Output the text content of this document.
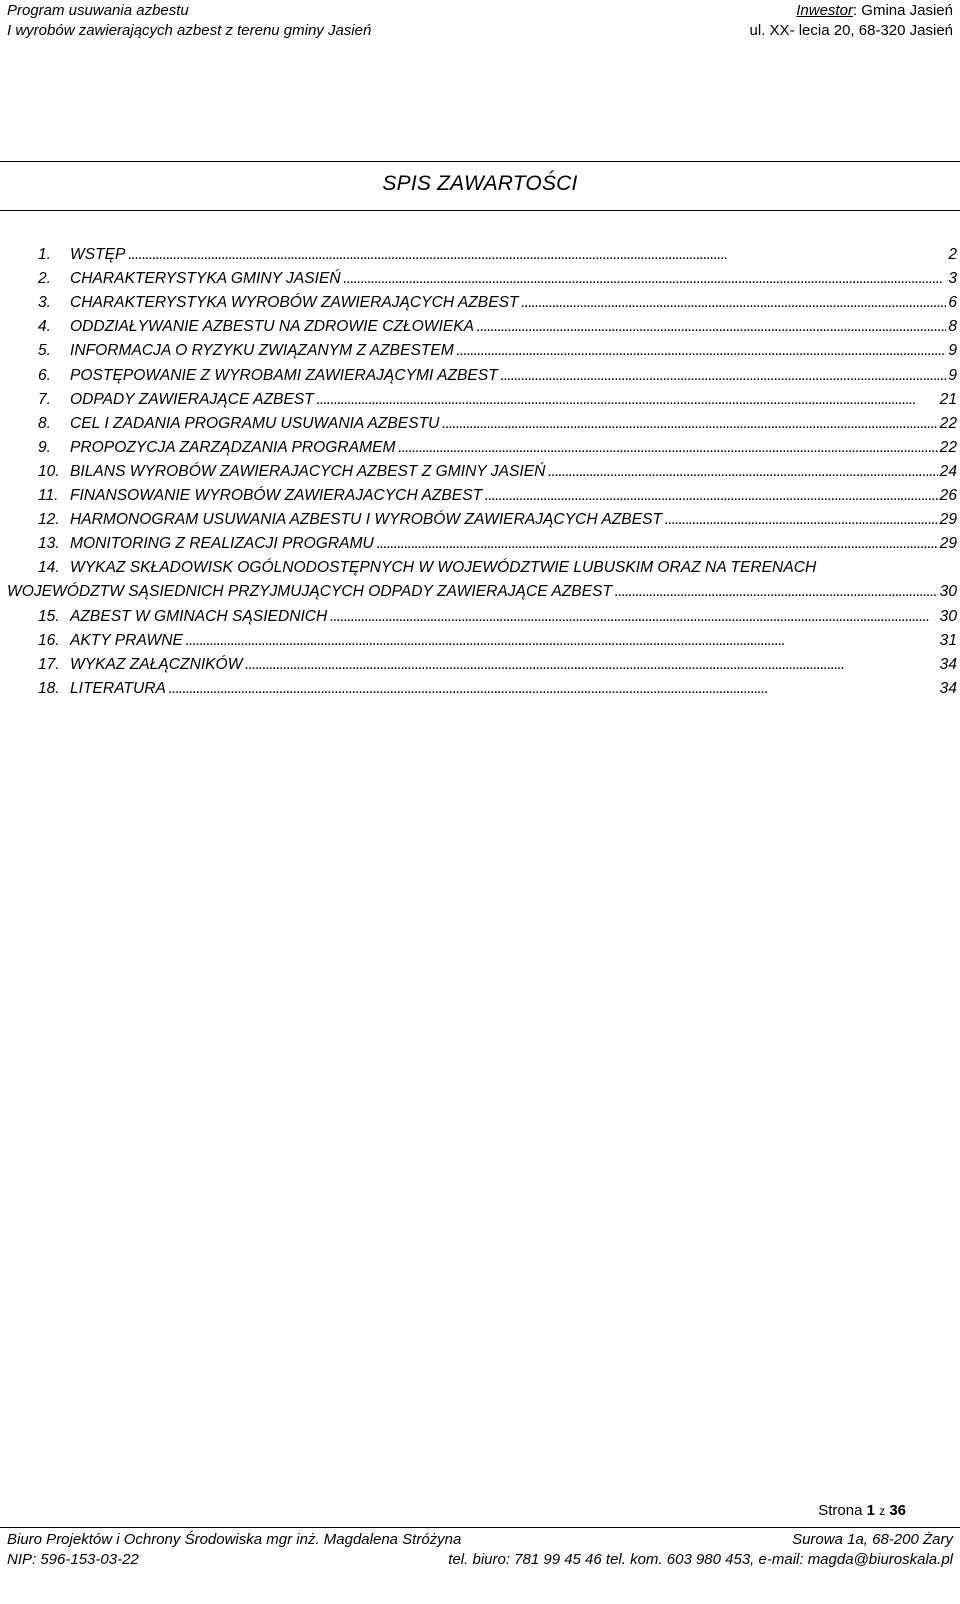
Program usuwania azbestu	Inwestor: Gmina Jasień
I wyrobów zawierających azbest z terenu gminy Jasień	ul. XX- lecia 20, 68-320 Jasień
SPIS ZAWARTOŚCI
1.	WSTĘP . . .	2
2.	CHARAKTERYSTYKA GMINY JASIEŃ . . .	3
3.	CHARAKTERYSTYKA WYROBÓW ZAWIERAJĄCYCH AZBEST . . .	6
4.	ODDZIAŁYWANIE AZBESTU NA ZDROWIE CZŁOWIEKA . . .	8
5.	INFORMACJA O RYZYKU ZWIĄZANYM Z AZBESTEM . . .	9
6.	POSTĘPOWANIE Z WYROBAMI ZAWIERAJĄCYMI AZBEST . . .	9
7.	ODPADY ZAWIERAJĄCE AZBEST . . .	21
8.	CEL I ZADANIA PROGRAMU USUWANIA AZBESTU . . .	22
9.	PROPOZYCJA ZARZĄDZANIA PROGRAMEM . . .	22
10. BILANS WYROBÓW ZAWIERAJACYCH AZBEST Z GMINY JASIEŃ . . .	24
11. FINANSOWANIE WYROBÓW ZAWIERAJACYCH AZBEST . . .	26
12. HARMONOGRAM USUWANIA AZBESTU I WYROBÓW ZAWIERAJĄCYCH AZBEST . . .	29
13. MONITORING Z REALIZACJI PROGRAMU . . .	29
14. WYKAZ SKŁADOWISK OGÓLNODOSTĘPNYCH W WOJEWÓDZTWIE LUBUSKIM ORAZ NA TERENACH
WOJEWÓDZTW SĄSIEDNICH PRZYJMUJĄCYCH ODPADY ZAWIERAJĄCE AZBEST . . .	30
15. AZBEST W GMINACH SĄSIEDNICH . . .	30
16. AKTY PRAWNE . . .	31
17. WYKAZ ZAŁĄCZNIKÓW . . .	34
18. LITERATURA . . .	34
Strona 1 z 36
Biuro Projektów i Ochrony Środowiska mgr inż. Magdalena Stróżyna	Surowa 1a, 68-200 Żary
NIP: 596-153-03-22	tel. biuro: 781 99 45 46 tel. kom. 603 980 453, e-mail: magda@biuroskala.pl
